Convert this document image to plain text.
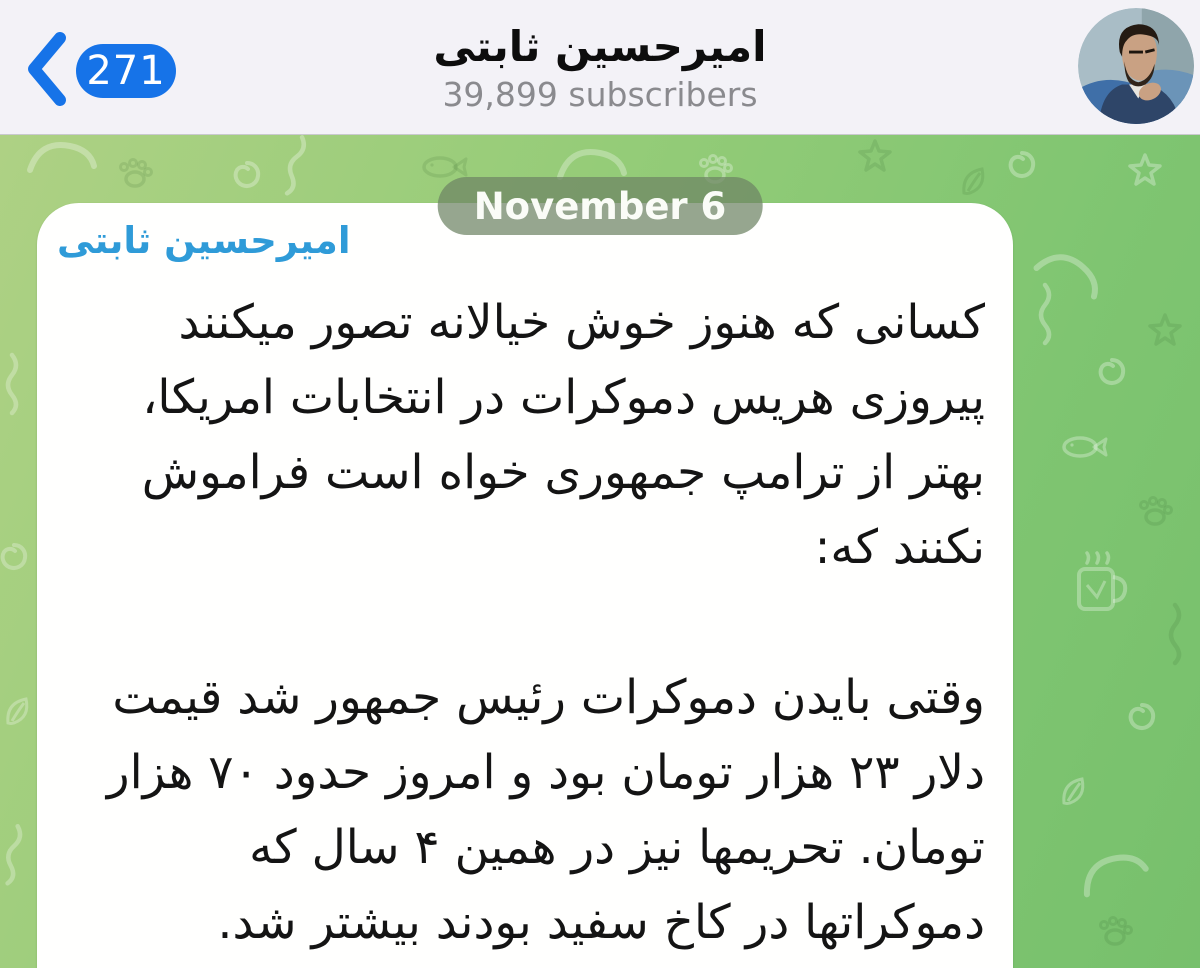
271	امیرحسین ثابتی
39,899 subscribers
امیرحسین ثابتی
کسانی که هنوز خوش خیالانه تصور میکنند
پیروزی هریس دموکرات در انتخابات امریکا،
بهتر از ترامپ جمهوری خواه است فراموش
نکنند که:
وقتی بایدن دموکرات رئیس جمهور شد قیمت
دلار ۲۳ هزار تومان بود و امروز حدود ۷۰ هزار
تومان. تحریمها نیز در همین ۴ سال که
دموکراتها در کاخ سفید بودند بیشتر شد.
November 6
